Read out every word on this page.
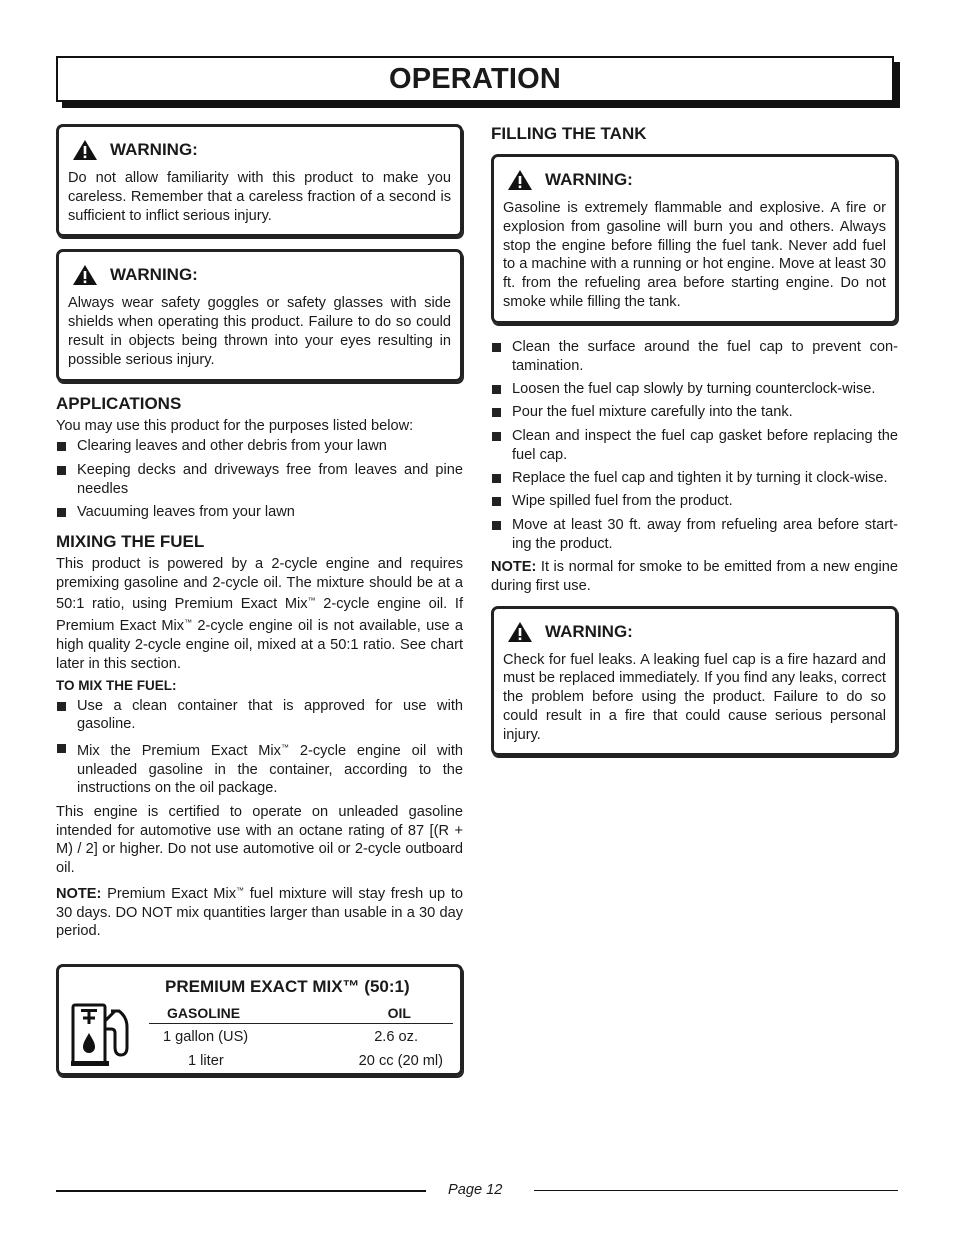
OPERATION
WARNING:

Do not allow familiarity with this product to make you careless. Remember that a careless fraction of a second is sufficient to inflict serious injury.

WARNING:

Always wear safety goggles or safety glasses with side shields when operating this product. Failure to do so could result in objects being thrown into your eyes resulting in possible serious injury.

APPLICATIONS

You may use this product for the purposes listed below:

Clearing leaves and other debris from your lawn
Keeping decks and driveways free from leaves and pine needles
Vacuuming leaves from your lawn
MIXING THE FUEL

This product is powered by a 2-cycle engine and requires premixing gasoline and 2-cycle oil. The mixture should be at a 50:1 ratio, using Premium Exact Mix™ 2-cycle engine oil. If Premium Exact Mix™ 2-cycle engine oil is not available, use a high quality 2-cycle engine oil, mixed at a 50:1 ratio. See chart later in this section.

TO MIX THE FUEL:
Use a clean container that is approved for use with gasoline.
Mix the Premium Exact Mix™ 2-cycle engine oil with unleaded gasoline in the container, according to the instructions on the oil package.

This engine is certified to operate on unleaded gasoline intended for automotive use with an octane rating of 87 [(R + M) / 2] or higher. Do not use automotive oil or 2-cycle outboard oil.

NOTE: Premium Exact Mix™ fuel mixture will stay fresh up to 30 days. DO NOT mix quantities larger than usable in a 30 day period.

PREMIUM EXACT MIX™ (50:1)
GASOLINE	OIL
1 gallon (US)	2.6 oz.
1 liter	20 cc (20 ml)
FILLING THE TANK
WARNING:

Gasoline is extremely flammable and explosive. A fire or explosion from gasoline will burn you and others. Always stop the engine before filling the fuel tank. Never add fuel to a machine with a running or hot engine. Move at least 30 ft. from the refueling area before starting engine. Do not smoke while filling the tank.

Clean the surface around the fuel cap to prevent con-tamination.
Loosen the fuel cap slowly by turning counterclock-wise.
Pour the fuel mixture carefully into the tank.
Clean and inspect the fuel cap gasket before replacing the fuel cap.
Replace the fuel cap and tighten it by turning it clock-wise.
Wipe spilled fuel from the product.
Move at least 30 ft. away from refueling area before start-ing the product.

NOTE: It is normal for smoke to be emitted from a new engine during first use.

WARNING:

Check for fuel leaks. A leaking fuel cap is a fire hazard and must be replaced immediately. If you find any leaks, correct the problem before using the product. Failure to do so could result in a fire that could cause serious personal injury.

Page 12
